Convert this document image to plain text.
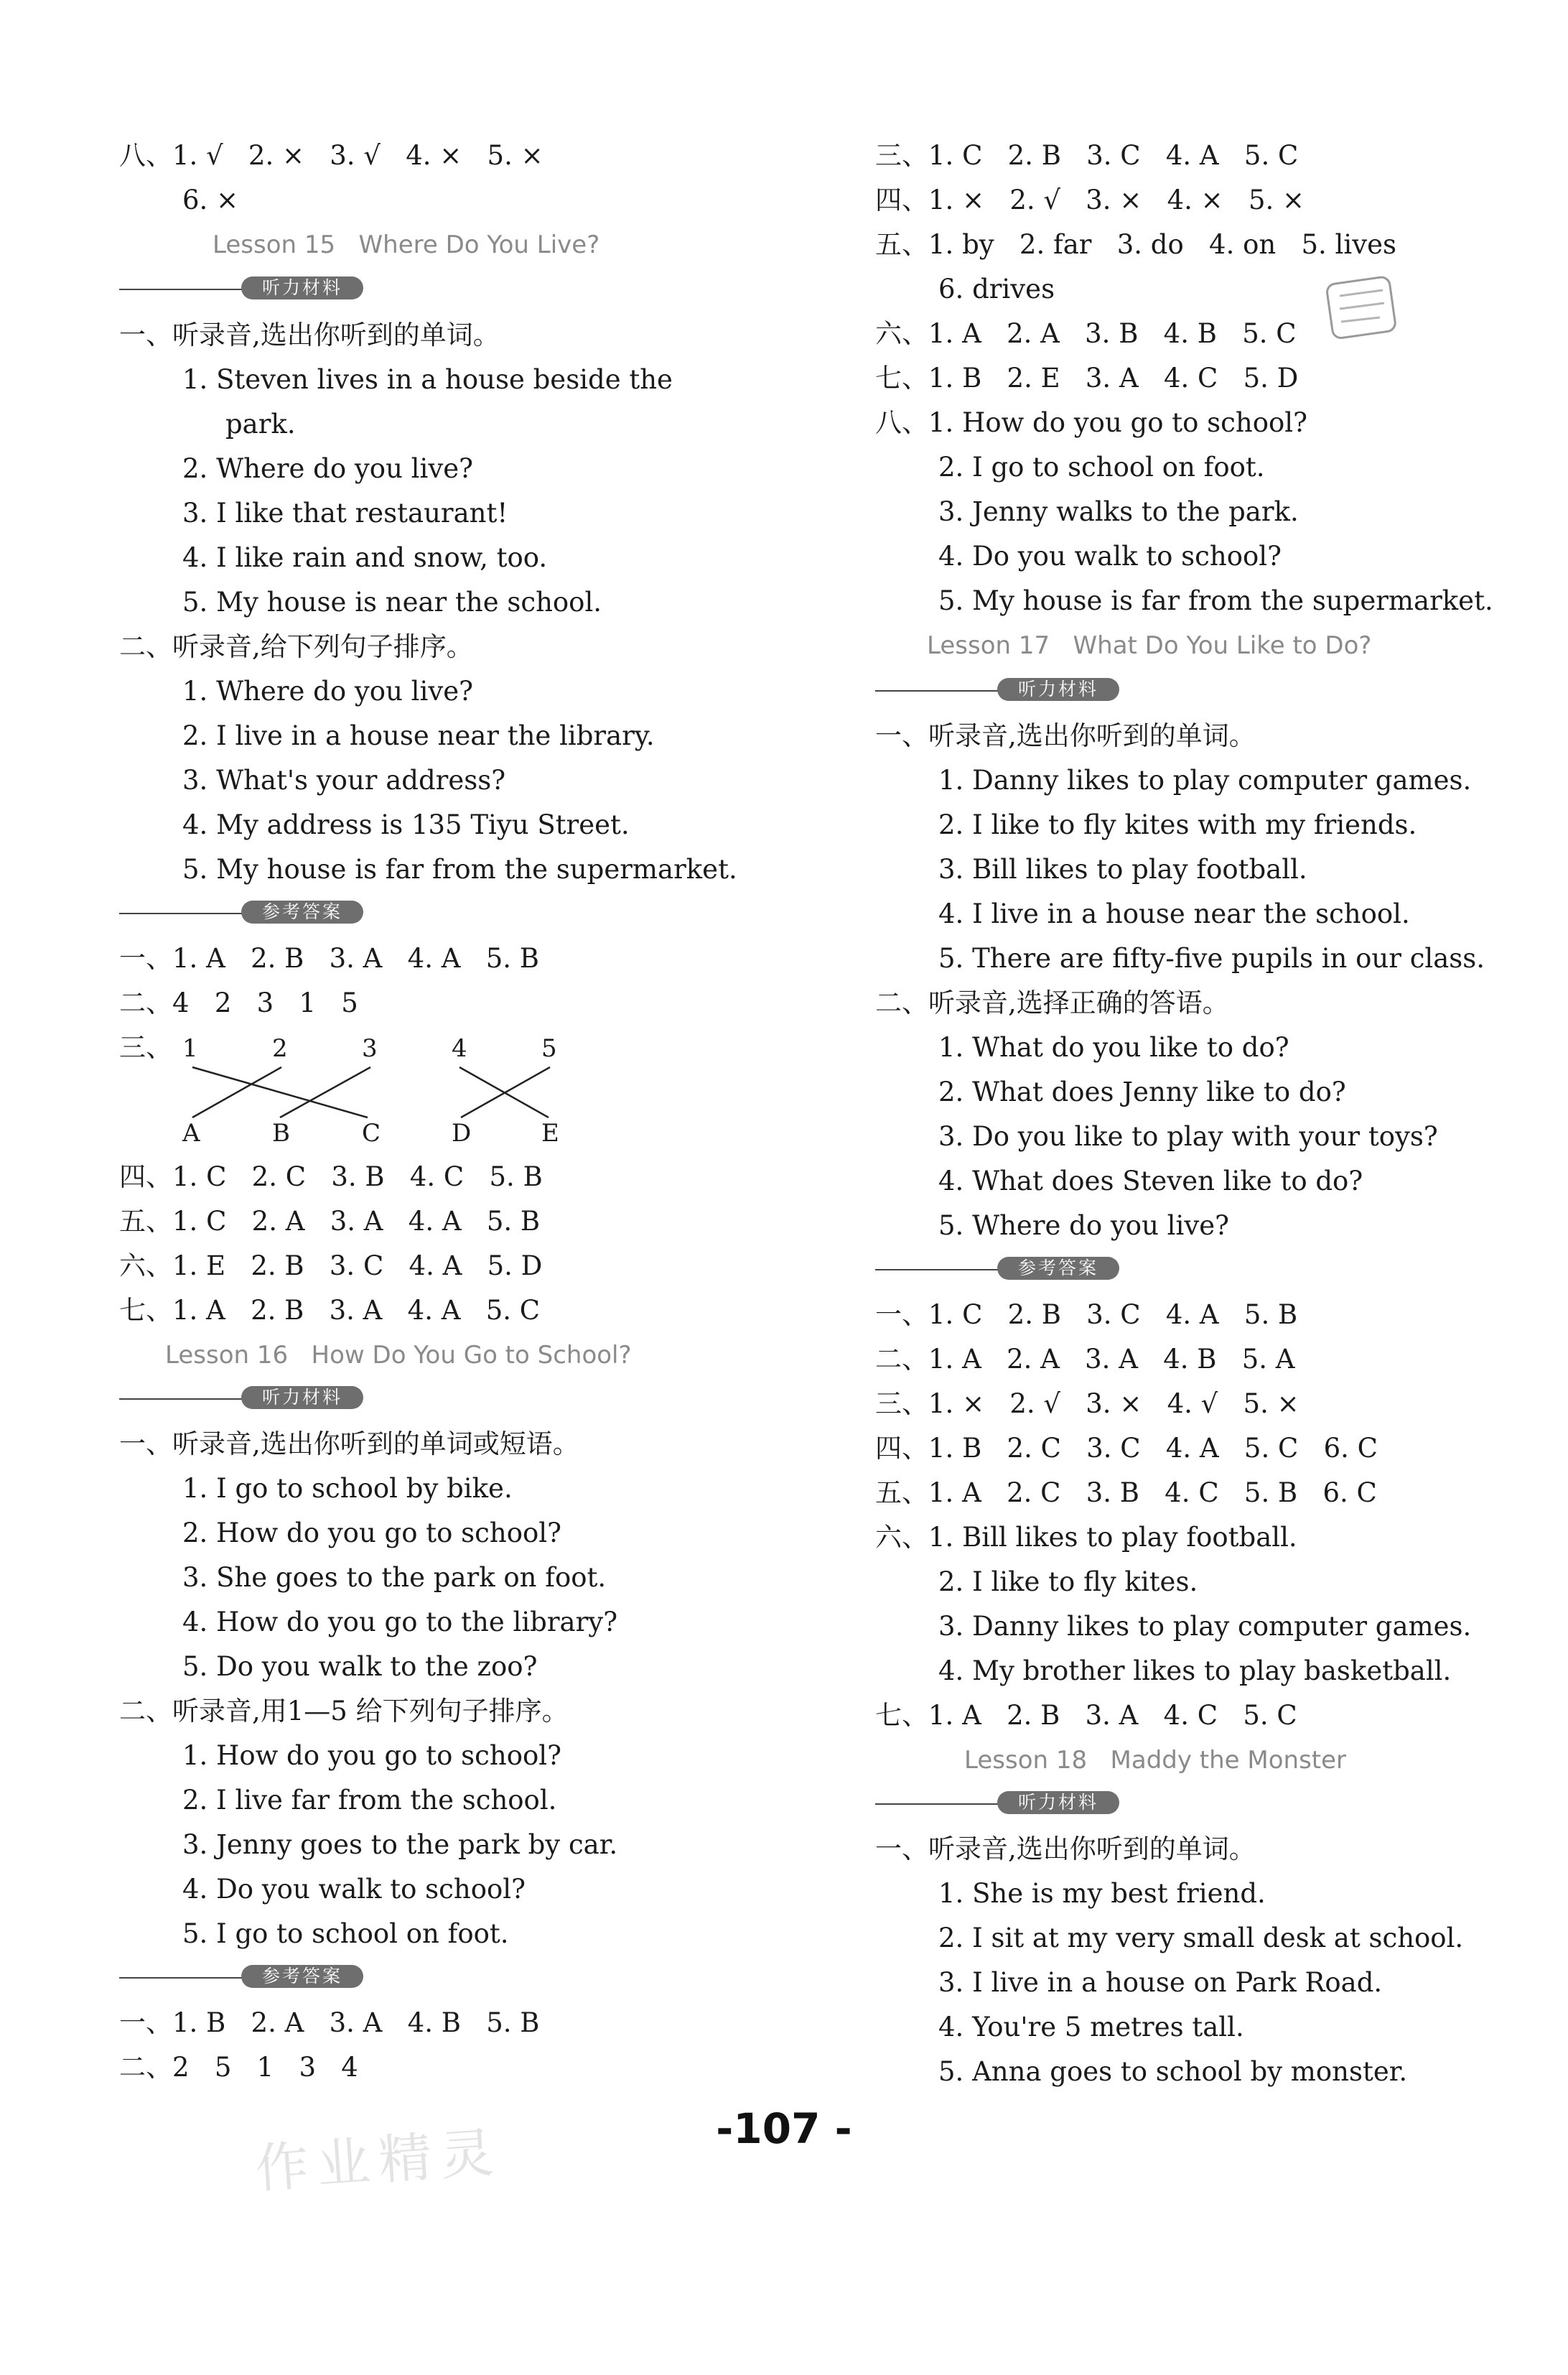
八、1. √   2. ×   3. √   4. ×   5. ×
6. ×
Lesson 15   Where Do You Live?
听力材料
一、听录音,选出你听到的单词。
1. Steven lives in a house beside the
park.
2. Where do you live?
3. I like that restaurant!
4. I like rain and snow, too.
5. My house is near the school.
二、听录音,给下列句子排序。
1. Where do you live?
2. I live in a house near the library.
3. What's your address?
4. My address is 135 Tiyu Street.
5. My house is far from the supermarket.
参考答案
一、1. A   2. B   3. A   4. A   5. B
二、4   2   3   1   5
三、 1	2	3	4	5
A	B	C	D	E
四、1. C   2. C   3. B   4. C   5. B
五、1. C   2. A   3. A   4. A   5. B
六、1. E   2. B   3. C   4. A   5. D
七、1. A   2. B   3. A   4. A   5. C
Lesson 16   How Do You Go to School?
听力材料
一、听录音,选出你听到的单词或短语。
1. I go to school by bike.
2. How do you go to school?
3. She goes to the park on foot.
4. How do you go to the library?
5. Do you walk to the zoo?
二、听录音,用1—5 给下列句子排序。
1. How do you go to school?
2. I live far from the school.
3. Jenny goes to the park by car.
4. Do you walk to school?
5. I go to school on foot.
参考答案
一、1. B   2. A   3. A   4. B   5. B
二、2   5   1   3   4
三、1. C   2. B   3. C   4. A   5. C
四、1. ×   2. √   3. ×   4. ×   5. ×
五、1. by   2. far   3. do   4. on   5. lives
6. drives
六、1. A   2. A   3. B   4. B   5. C
七、1. B   2. E   3. A   4. C   5. D
八、1. How do you go to school?
2. I go to school on foot.
3. Jenny walks to the park.
4. Do you walk to school?
5. My house is far from the supermarket.
Lesson 17   What Do You Like to Do?
听力材料
一、听录音,选出你听到的单词。
1. Danny likes to play computer games.
2. I like to fly kites with my friends.
3. Bill likes to play football.
4. I live in a house near the school.
5. There are fifty-five pupils in our class.
二、听录音,选择正确的答语。
1. What do you like to do?
2. What does Jenny like to do?
3. Do you like to play with your toys?
4. What does Steven like to do?
5. Where do you live?
参考答案
一、1. C   2. B   3. C   4. A   5. B
二、1. A   2. A   3. A   4. B   5. A
三、1. ×   2. √   3. ×   4. √   5. ×
四、1. B   2. C   3. C   4. A   5. C   6. C
五、1. A   2. C   3. B   4. C   5. B   6. C
六、1. Bill likes to play football.
2. I like to fly kites.
3. Danny likes to play computer games.
4. My brother likes to play basketball.
七、1. A   2. B   3. A   4. C   5. C
Lesson 18   Maddy the Monster
听力材料
一、听录音,选出你听到的单词。
1. She is my best friend.
2. I sit at my very small desk at school.
3. I live in a house on Park Road.
4. You're 5 metres tall.
5. Anna goes to school by monster.
-107 -
作业精灵
